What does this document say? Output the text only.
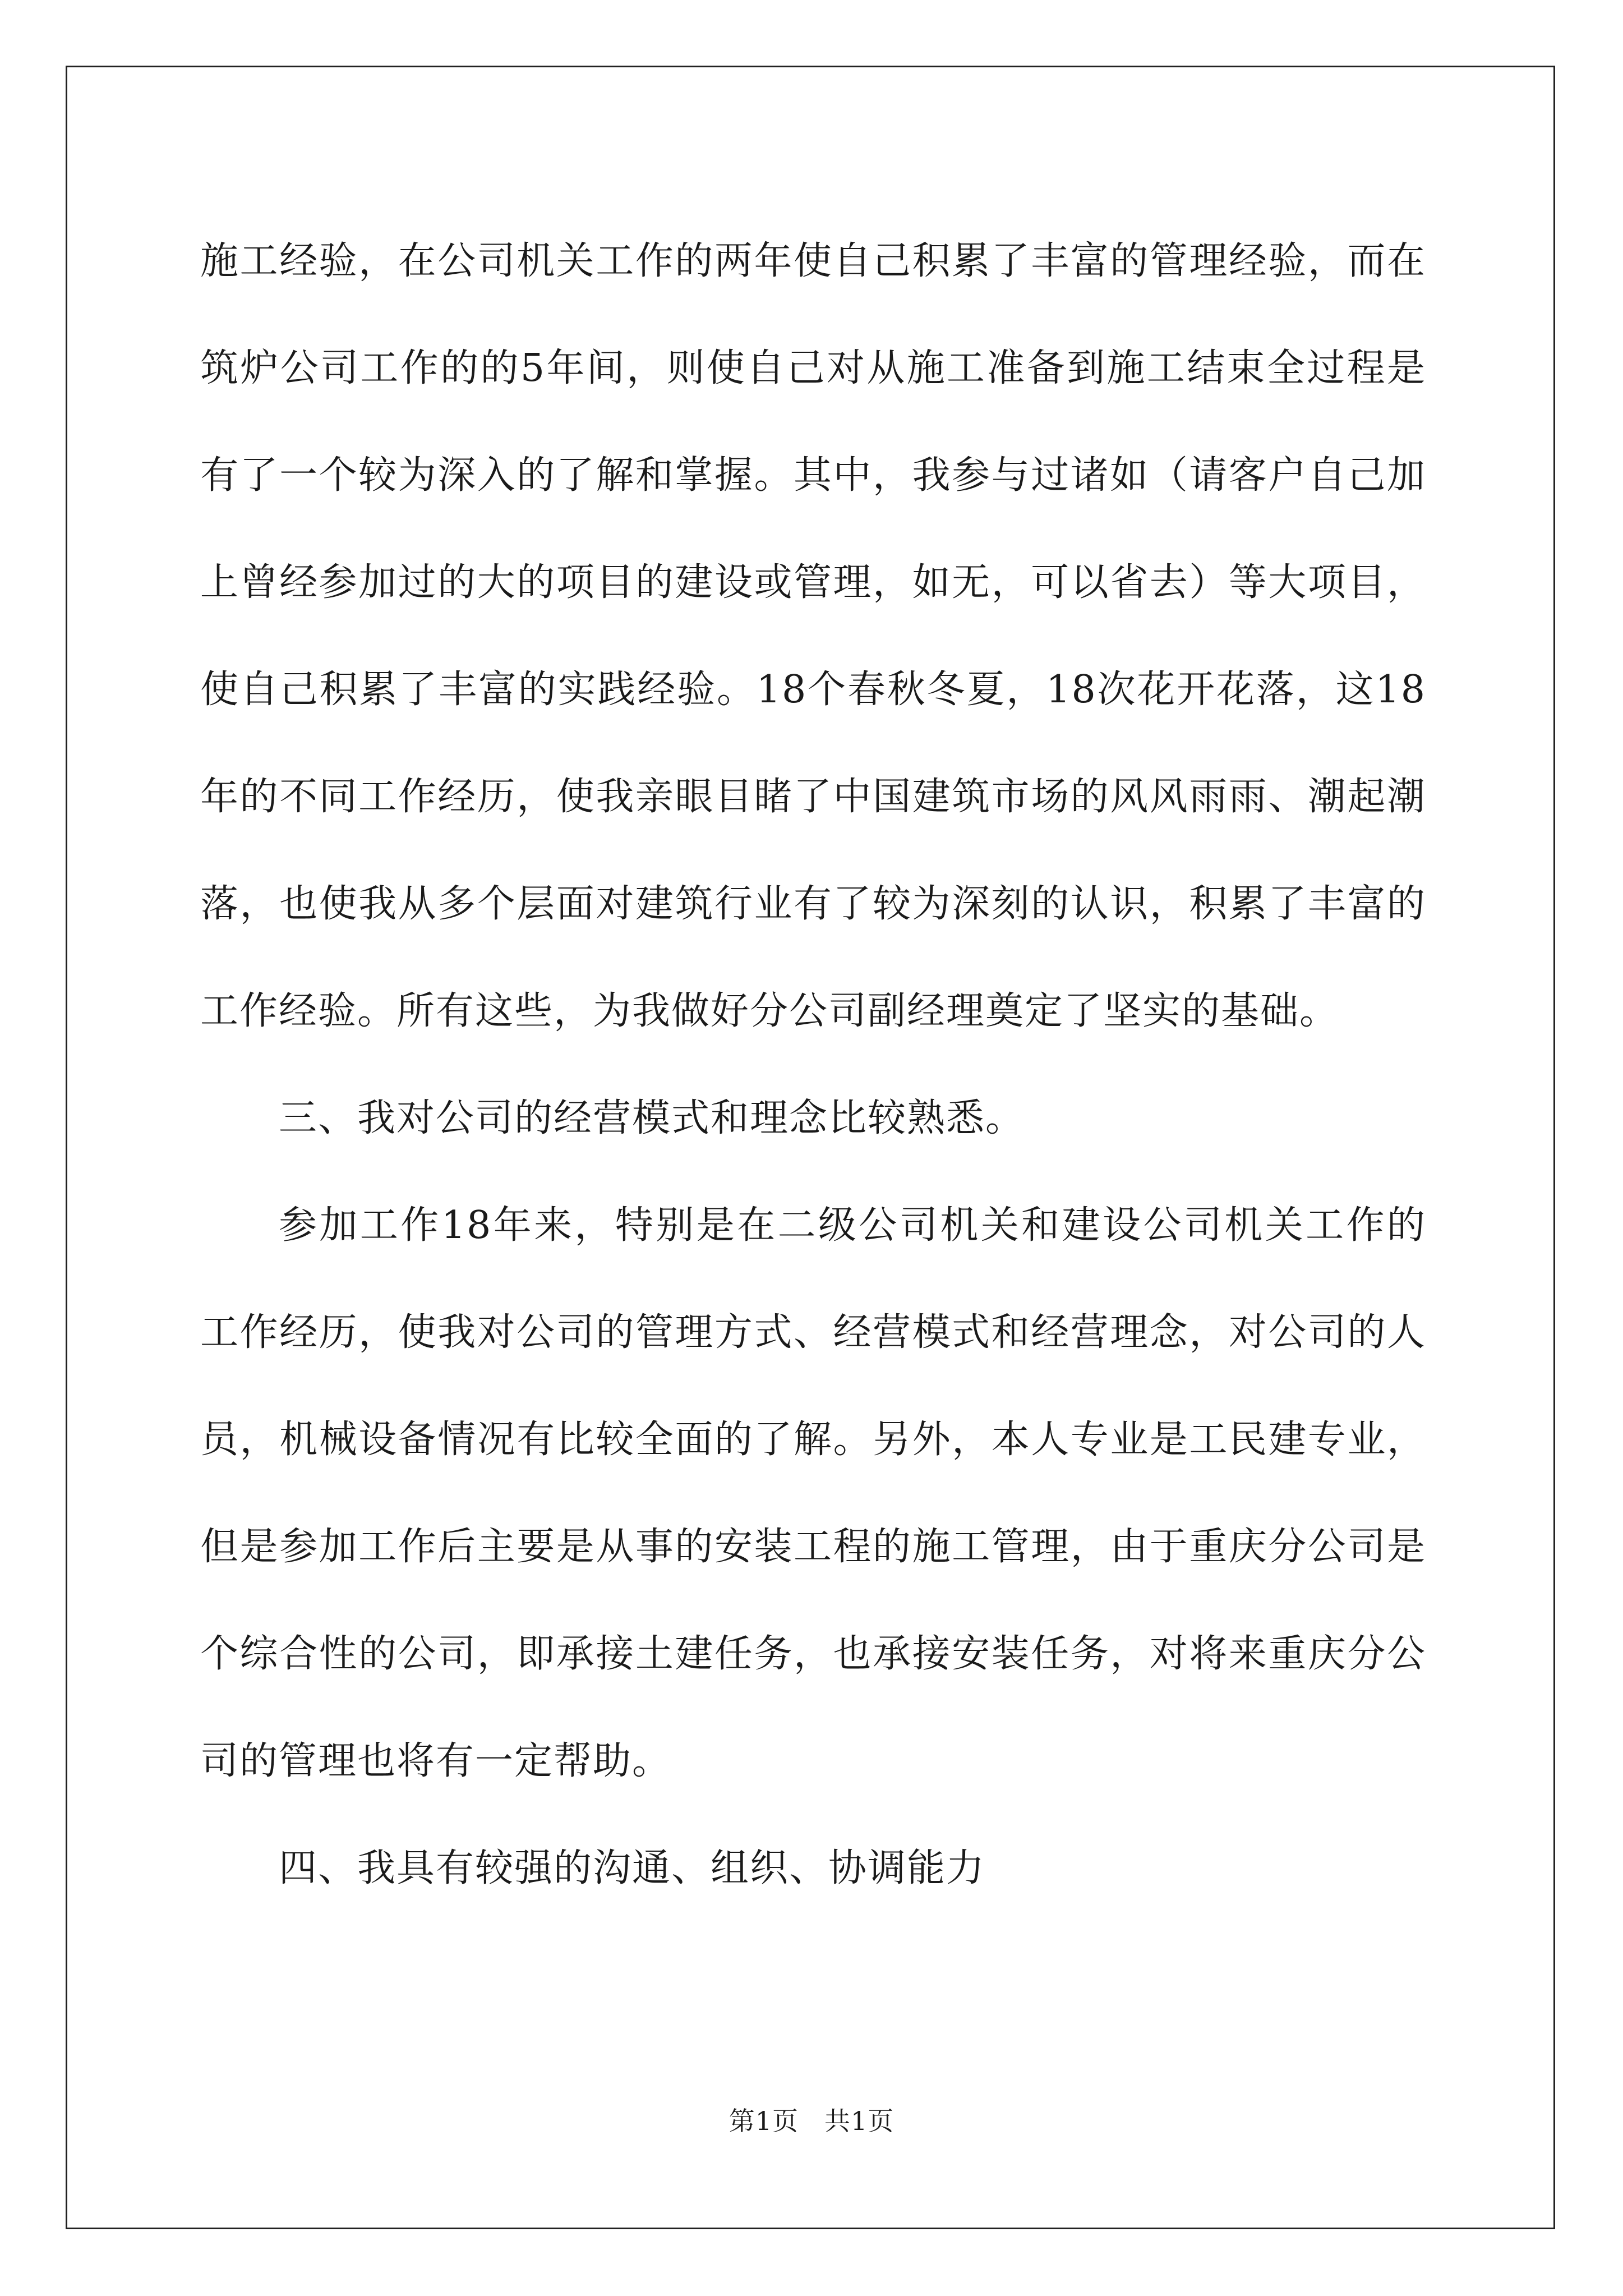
施工经验，在公司机关工作的两年使自己积累了丰富的管理经验，而在筑炉公司工作的的5年间，则使自己对从施工准备到施工结束全过程是有了一个较为深入的了解和掌握。其中，我参与过诸如（请客户自己加上曾经参加过的大的项目的建设或管理，如无，可以省去）等大项目，使自己积累了丰富的实践经验。18个春秋冬夏，18次花开花落，这18年的不同工作经历，使我亲眼目睹了中国建筑市场的风风雨雨、潮起潮落，也使我从多个层面对建筑行业有了较为深刻的认识，积累了丰富的工作经验。所有这些，为我做好分公司副经理奠定了坚实的基础。

三、我对公司的经营模式和理念比较熟悉。

参加工作18年来，特别是在二级公司机关和建设公司机关工作的工作经历，使我对公司的管理方式、经营模式和经营理念，对公司的人员，机械设备情况有比较全面的了解。另外，本人专业是工民建专业，但是参加工作后主要是从事的安装工程的施工管理，由于重庆分公司是个综合性的公司，即承接土建任务，也承接安装任务，对将来重庆分公司的管理也将有一定帮助。

四、我具有较强的沟通、组织、协调能力

第1页 共1页
